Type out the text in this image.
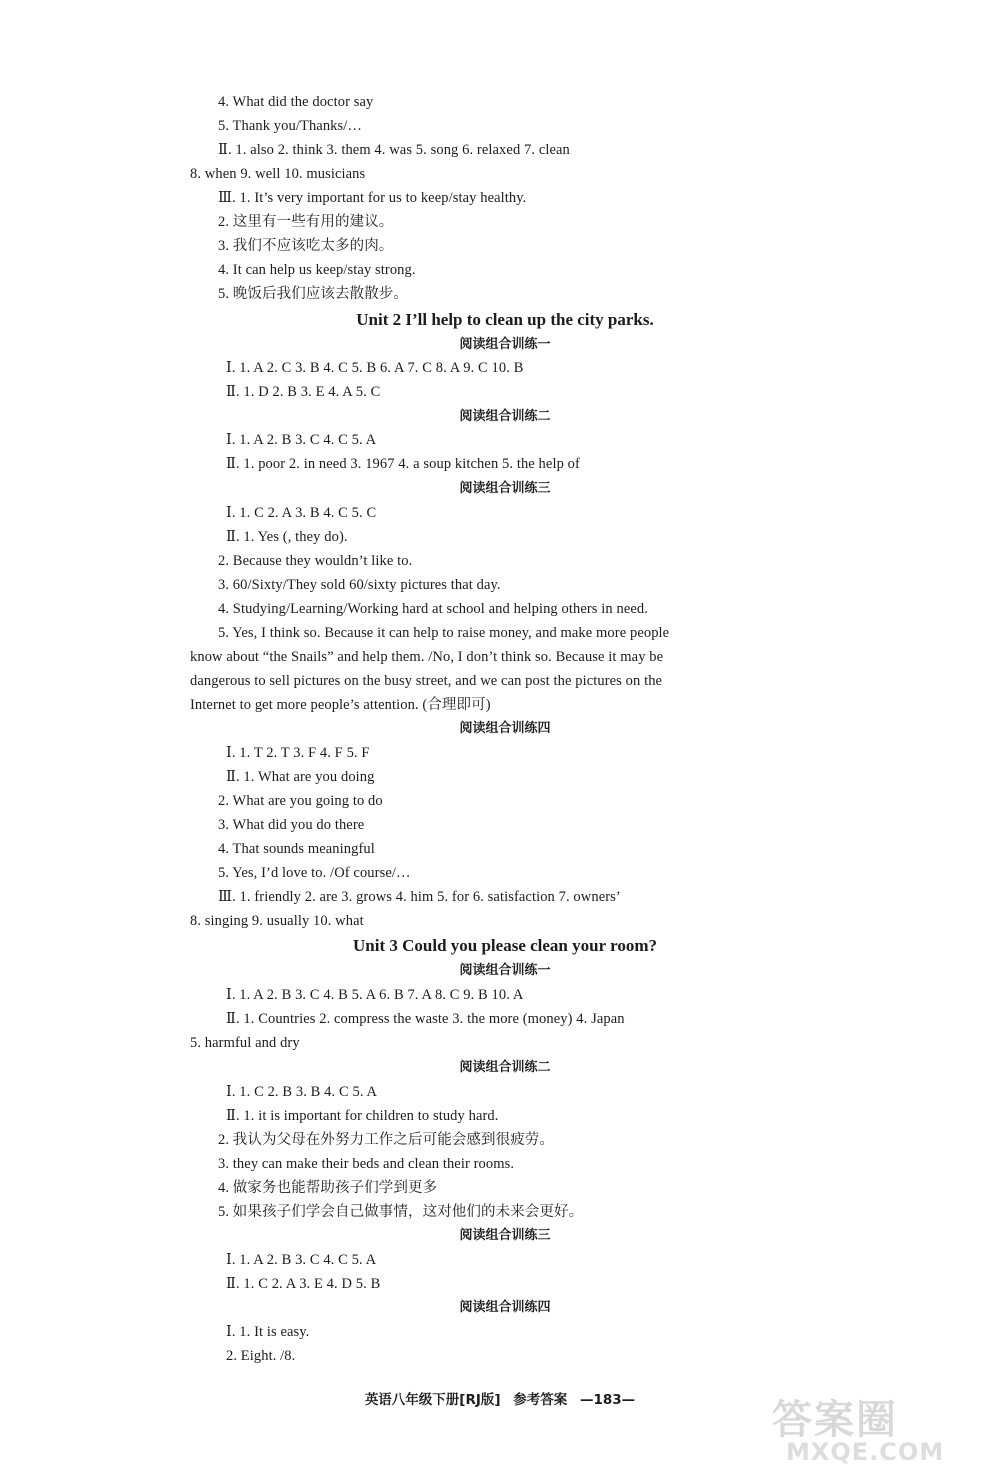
4. What did the doctor say
5. Thank you/Thanks/…
Ⅱ. 1. also 2. think 3. them 4. was 5. song 6. relaxed 7. clean
8. when 9. well 10. musicians
Ⅲ. 1. It’s very important for us to keep/stay healthy.
2. 这里有一些有用的建议。
3. 我们不应该吃太多的肉。
4. It can help us keep/stay strong.
5. 晚饭后我们应该去散散步。
Unit 2 I’ll help to clean up the city parks.
阅读组合训练一
Ⅰ. 1. A 2. C 3. B 4. C 5. B 6. A 7. C 8. A 9. C 10. B
Ⅱ. 1. D 2. B 3. E 4. A 5. C
阅读组合训练二
Ⅰ. 1. A 2. B 3. C 4. C 5. A
Ⅱ. 1. poor 2. in need 3. 1967 4. a soup kitchen 5. the help of
阅读组合训练三
Ⅰ. 1. C 2. A 3. B 4. C 5. C
Ⅱ. 1. Yes (, they do).
2. Because they wouldn’t like to.
3. 60/Sixty/They sold 60/sixty pictures that day.
4. Studying/Learning/Working hard at school and helping others in need.
5. Yes, I think so. Because it can help to raise money, and make more people
know about “the Snails” and help them. /No, I don’t think so. Because it may be
dangerous to sell pictures on the busy street, and we can post the pictures on the
Internet to get more people’s attention. (合理即可)
阅读组合训练四
Ⅰ. 1. T 2. T 3. F 4. F 5. F
Ⅱ. 1. What are you doing
2. What are you going to do
3. What did you do there
4. That sounds meaningful
5. Yes, I’d love to. /Of course/…
Ⅲ. 1. friendly 2. are 3. grows 4. him 5. for 6. satisfaction 7. owners’
8. singing 9. usually 10. what
Unit 3 Could you please clean your room?
阅读组合训练一
Ⅰ. 1. A 2. B 3. C 4. B 5. A 6. B 7. A 8. C 9. B 10. A
Ⅱ. 1. Countries 2. compress the waste 3. the more (money) 4. Japan
5. harmful and dry
阅读组合训练二
Ⅰ. 1. C 2. B 3. B 4. C 5. A
Ⅱ. 1. it is important for children to study hard.
2. 我认为父母在外努力工作之后可能会感到很疲劳。
3. they can make their beds and clean their rooms.
4. 做家务也能帮助孩子们学到更多
5. 如果孩子们学会自己做事情，这对他们的未来会更好。
阅读组合训练三
Ⅰ. 1. A 2. B 3. C 4. C 5. A
Ⅱ. 1. C 2. A 3. E 4. D 5. B
阅读组合训练四
Ⅰ. 1. It is easy.
2. Eight. /8.
英语八年级下册[RJ版] 参考答案 —183—	答案圈
MXQE.COM
